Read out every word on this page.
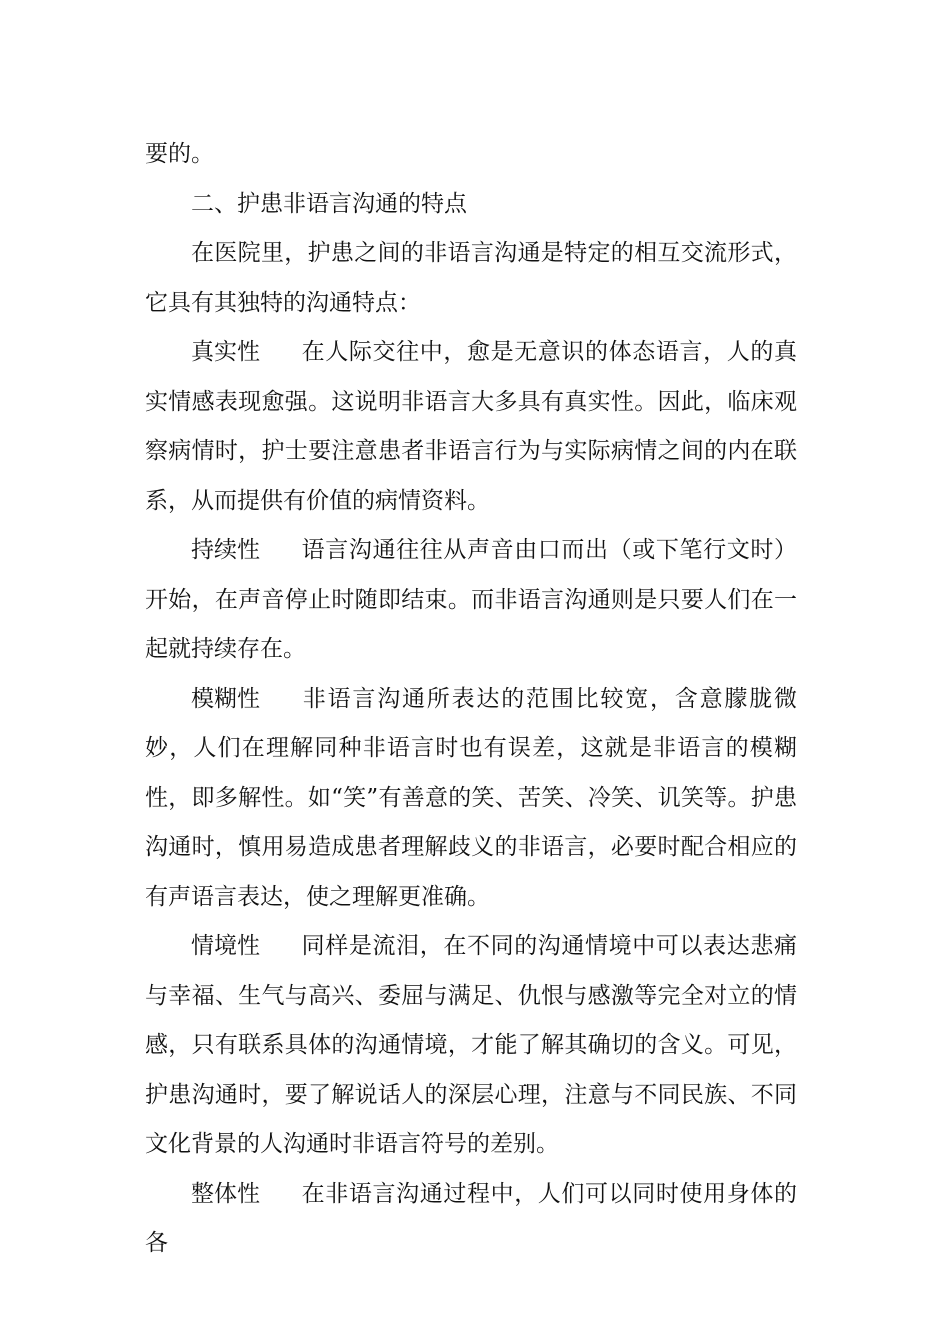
要的。

二、护患非语言沟通的特点

在医院里，护患之间的非语言沟通是特定的相互交流形式，它具有其独特的沟通特点：

真实性 在人际交往中，愈是无意识的体态语言，人的真实情感表现愈强。这说明非语言大多具有真实性。因此，临床观察病情时，护士要注意患者非语言行为与实际病情之间的内在联系，从而提供有价值的病情资料。

持续性 语言沟通往往从声音由口而出（或下笔行文时）开始，在声音停止时随即结束。而非语言沟通则是只要人们在一起就持续存在。

模糊性 非语言沟通所表达的范围比较宽，含意朦胧微妙，人们在理解同种非语言时也有误差，这就是非语言的模糊性，即多解性。如“笑”有善意的笑、苦笑、冷笑、讥笑等。护患沟通时，慎用易造成患者理解歧义的非语言，必要时配合相应的有声语言表达，使之理解更准确。

情境性 同样是流泪，在不同的沟通情境中可以表达悲痛与幸福、生气与高兴、委屈与满足、仇恨与感激等完全对立的情感，只有联系具体的沟通情境，才能了解其确切的含义。可见，护患沟通时，要了解说话人的深层心理，注意与不同民族、不同文化背景的人沟通时非语言符号的差别。

整体性 在非语言沟通过程中，人们可以同时使用身体的各
